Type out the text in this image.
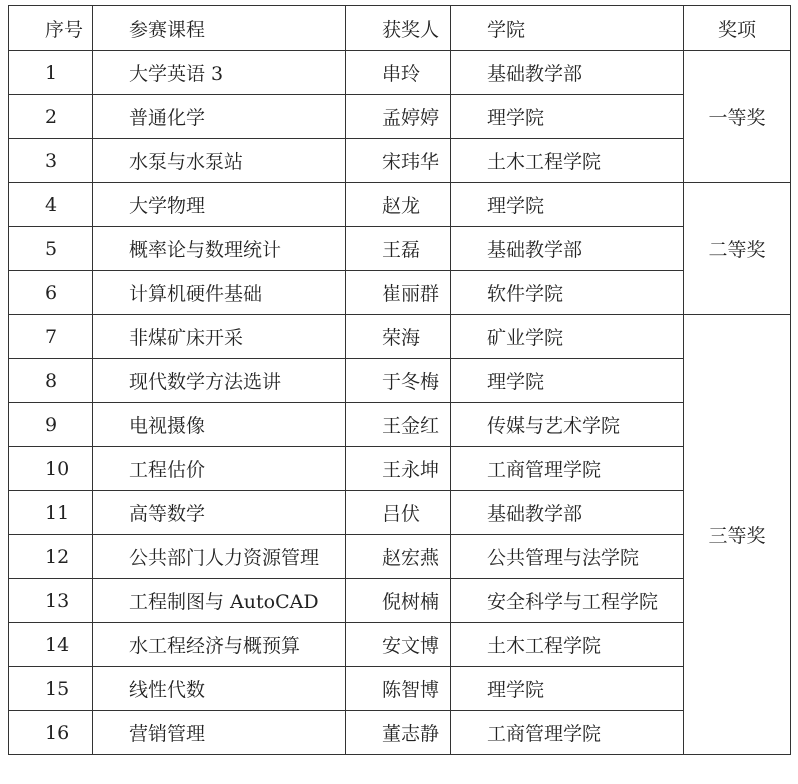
序号	参赛课程	获奖人	学院	奖项
1	大学英语 3	串玲	基础教学部	一等奖
2	普通化学	孟婷婷	理学院	
3	水泵与水泵站	宋玮华	土木工程学院	
4	大学物理	赵龙	理学院	二等奖
5	概率论与数理统计	王磊	基础教学部	
6	计算机硬件基础	崔丽群	软件学院	
7	非煤矿床开采	荣海	矿业学院	三等奖
8	现代数学方法选讲	于冬梅	理学院	
9	电视摄像	王金红	传媒与艺术学院	
10	工程估价	王永坤	工商管理学院	
11	高等数学	吕伏	基础教学部	
12	公共部门人力资源管理	赵宏燕	公共管理与法学院	
13	工程制图与 AutoCAD	倪树楠	安全科学与工程学院	
14	水工程经济与概预算	安文博	土木工程学院	
15	线性代数	陈智博	理学院	
16	营销管理	董志静	工商管理学院	
